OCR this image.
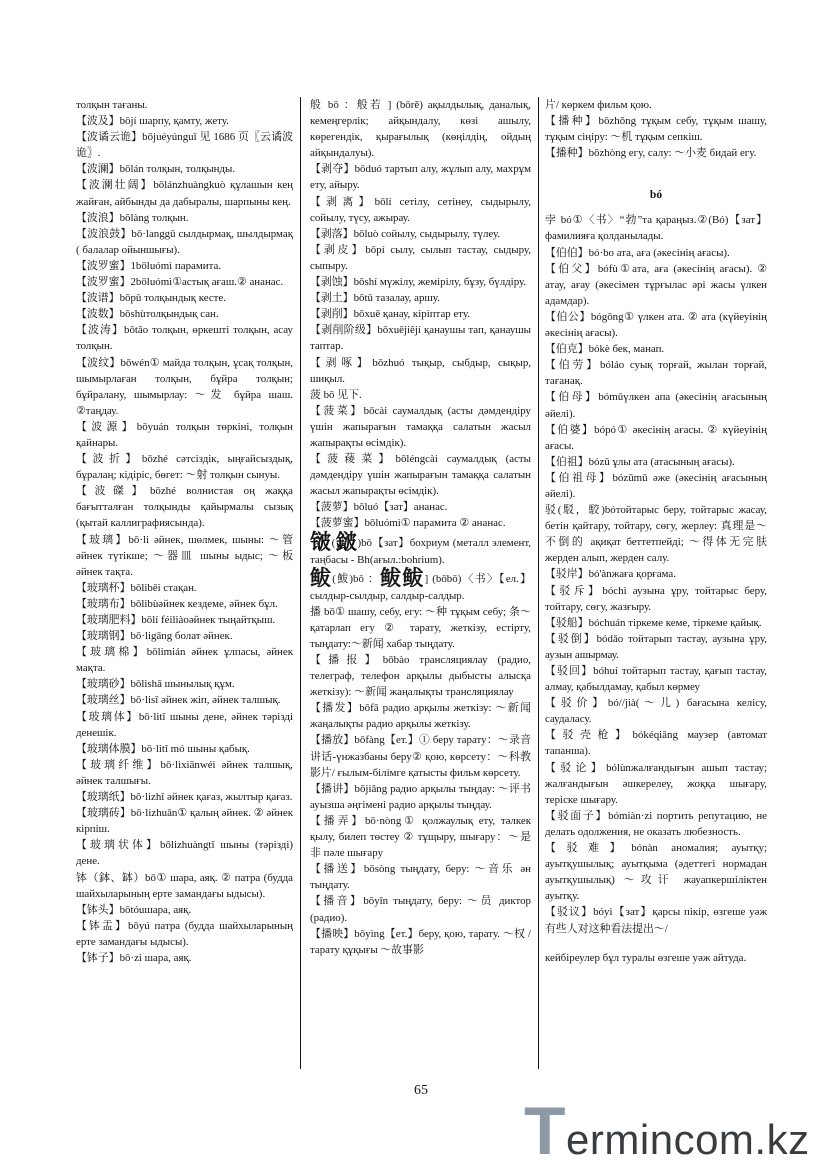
толқын тағаны.

【波及】bōjí шарпу, қамту, жету.

【波谲云诡】bōjuéyúnguǐ 见 1686 页〖云谲波诡〗.

【波澜】bōlán толқын, толқынды.

【波澜壮阔】bōlánzhuàngkuò құлашын кең жайған, айбынды да дабыралы, шарпыны кең.

【波浪】bōlàng толқын.

【波浪鼓】bō·langgǔ сылдырмақ, шылдырмақ ( балалар ойыншығы).

【波罗蜜】1bōluómì парамита.

【波罗蜜】2bōluómì①астық ағаш.② ананас.

【波谱】bōpǔ толқындық кесте.

【波数】bōshùтолқындық сан.

【波涛】bōtāo толқын, өркешті толқын, асау толқын.

【波纹】bōwén① майда толқын, ұсақ толқын, шымырлаған толқын, бұйра толқын; бұйралану, шымырлау: ～发 бұйра шаш. ②таңдау.

【波源】bōyuán толқын төркіні, толқын қайнары.

【波折】bōzhé сәтсіздік, ыңғайсыздық, бұралаң; кідіріс, бөгет: ～射 толқын сынуы.

【波磔】bōzhé волнистая оң жаққа бағытталған толқынды қайырмалы сызық (қытай каллиграфиясында).

【玻璃】bō·li әйнек, шөлмек, шыны: ～管 әйнек түтікше; ～器皿 шыны ыдыс; ～板 әйнек тақта.

【玻璃杯】bōlibēi стақан.

【玻璃布】bōlibùәйнек кездеме, әйнек бұл.

【玻璃肥料】bōlí féiliàoәйнек тыңайтқыш.

【玻璃钢】bō·ligāng болат әйнек.

【玻璃棉】bōlimián әйнек ұлпасы, әйнек мақта.

【玻璃砂】bōlishā шынылық құм.

【玻璃丝】bō·lisī әйнек жіп, әйнек талшық.

【玻璃体】bō·litǐ шыны дене, әйнек тәрізді денешік.

【玻璃体膜】bō·litǐ mó шыны қабық.

【玻璃纤维】bō·lixiānwéi әйнек талшық, әйнек талшығы.

【玻璃纸】bō·lizhǐ әйнек қағаз, жылтыр қағаз.

【玻璃砖】bō·lizhuān① қалың әйнек. ② әйнек кірпіш.

【玻璃状体】bōlizhuàngtǐ шыны (тәрізді) дене.

钵（鉢、缽）bō① шара, аяқ. ② патра (будда шайхыларының ерте замандағы ыдысы).

【钵头】bōtóuшара, аяқ.

【钵盂】bōyú патра (будда шайхыларының ерте замандағы ыдысы).

【钵子】bō·zi шара, аяқ.

般 bō ：般若 ] (bōrě) ақылдылық, даналық, кемеңгерлік; айқындалу, көзі ашылу, көрегендік, қырағылық (көңілдің, ойдың айқындалуы).

【剥夺】bōduó тартып алу, жұлып алу, махрұм ету, айыру.

【剥离】bōlí сетілу, сетінеу, сыдырылу, сойылу, түсу, ажырау.

【剥落】bōluò сойылу, сыдырылу, түлеу.

【剥皮】bōpí сылу, сылып тастау, сыдыру, сыпыру.

【剥蚀】bōshí мүжілу, жемірілу, бұзу, бүлдіру.

【剥土】bōtǔ тазалау, аршу.

【剥削】bōxuē қанау, кіріптар ету.

【剥削阶级】bōxuējiējí қанаушы тап, қанаушы таптар.

【剥啄】bōzhuó тықыр, сыбдыр, сықыр, шиқыл.

菠 bō 见下.

【菠菜】bōcài саумалдық (асты дәмдендіру үшін жапырағын тамаққа салатын жасыл жапырақты өсімдік).

【菠薐菜】bōléngcài саумалдық (асты дәмдендіру үшін жапырағын тамаққа салатын жасыл жапырақты өсімдік).

【菠萝】bōluó【зат】ананас.

【菠萝蜜】bōluómì① парамита ② ананас.

𬭛(𨨏)bō【зат】бохриум (металл элемент, таңбасы - Bh(ағыл.:bohrium).

鲅(鮁)bō ：鲅鲅] (bōbō)〈书〉【ел.】сылдыр-сылдыр, салдыр-салдыр.

播 bō① шашу, себу, егу: ～种 тұқым себу; 条～ қатарлап егу ② тарату, жеткізу, естірту, тыңдату:～新闻 хабар тыңдату.

【播报】bōbào трансляциялау (радио, телеграф, телефон арқылы дыбысты алысқа жеткізу): ～新闻 жаңалықты трансляциялау

【播发】bōfā радио арқылы жеткізу: ～新闻 жаңалықты радио арқылы жеткізу.

【播放】bōfàng【ет.】① беру тарату：～录音讲话-үнжазбаны беру② қою, көрсету：～科教影片/ ғылым-білімге қатысты фильм көрсету.

【播讲】bōjiǎng радио арқылы тыңдау: ～评书 ауызша әңгімені радио арқылы тыңдау.

【播弄】bō·nòng① қолжаулық ету, тәлкек қылу, билеп төстеу ② тұщыру, шығару：～是非 пәле шығару

【播送】bōsòng тыңдату, беру: ～音乐 ән тыңдату.

【播音】bōyīn тыңдату, беру: ～员 диктор (радио).

【播映】bōyìng【ет.】беру, қою, тарату. ～权 / тарату құқығы ～故事影

片/ көркем фильм қою.

【播种】bōzhǒng тұқым себу, тұқым шашу, тұқым сіңіру: ～机 тұқым сепкіш.

【播种】bōzhòng егу, салу: ～小麦 бидай егу.

bó

孛 bó①〈书〉“勃”та қараңыз.②(Bó)【зат】фамилияға қолданылады.

【伯伯】bó·bo ата, аға (әкесінің ағасы).

【伯父】bófù①ата, аға (әкесінің ағасы). ② атау, ағау (әкесімен тұрғылас әрі жасы үлкен адамдар).

【伯公】bógōng① үлкен ата. ② ата (күйеуінің әкесінің ағасы).

【伯克】bókè бек, манап.

【伯劳】bóláo суық торғай, жылан торғай, тағанақ.

【伯母】bómǔүлкен апа (әкесінің ағасының әйелі).

【伯婆】bópó① әкесінің ағасы. ② күйеуінің ағасы.

【伯祖】bózǔ ұлы ата (атасының ағасы).

【伯祖母】bózǔmǔ әже (әкесінің ағасының әйелі).

驳(駁，駮)bóтойтарыс беру, тойтарыс жасау, бетін қайтару, тойтару, сөгу, жерлеу: 真理是～不倒的 ақиқат беттетпейді; ～得体无完肤 жерден алып, жерден салу.

【驳岸】bó'ànжаға қорғама.

【驳斥】bóchì аузына ұру, тойтарыс беру, тойтару, сөгу, жазғыру.

【驳船】bóchuán тіркеме кеме, тіркеме қайық.

【驳倒】bódǎo тойтарып тастау, аузына ұру, аузын ашырмау.

【驳回】bóhuí тойтарып тастау, қағып тастау, алмау, қабылдамау, қабыл көрмеу

【驳价】bó//jià(～儿) бағасына келісу, саудаласу.

【驳壳枪】bókéqiāng маузер (автомат тапанша).

【驳论】bólùnжалғандығын ашып тастау; жалғандығын әшкерелеу, жоққа шығару, теріске шығару.

【驳面子】bómiàn·zi портить репутацию, не делать одолжения, не оказать любезность.

【驳难】bónàn аномалия; ауытқу; ауытқушылық; ауытқыма (әдеттегі нормадан ауытқушылық) ～攻讦 жауапкершіліктен ауытқу.

【驳议】bóyì【зат】қарсы пікір, өзгеше уәж 有些人对这种看法提出～/

кейбіреулер бұл туралы өзгеше уәж айтуда.

65
Termincom.kz
